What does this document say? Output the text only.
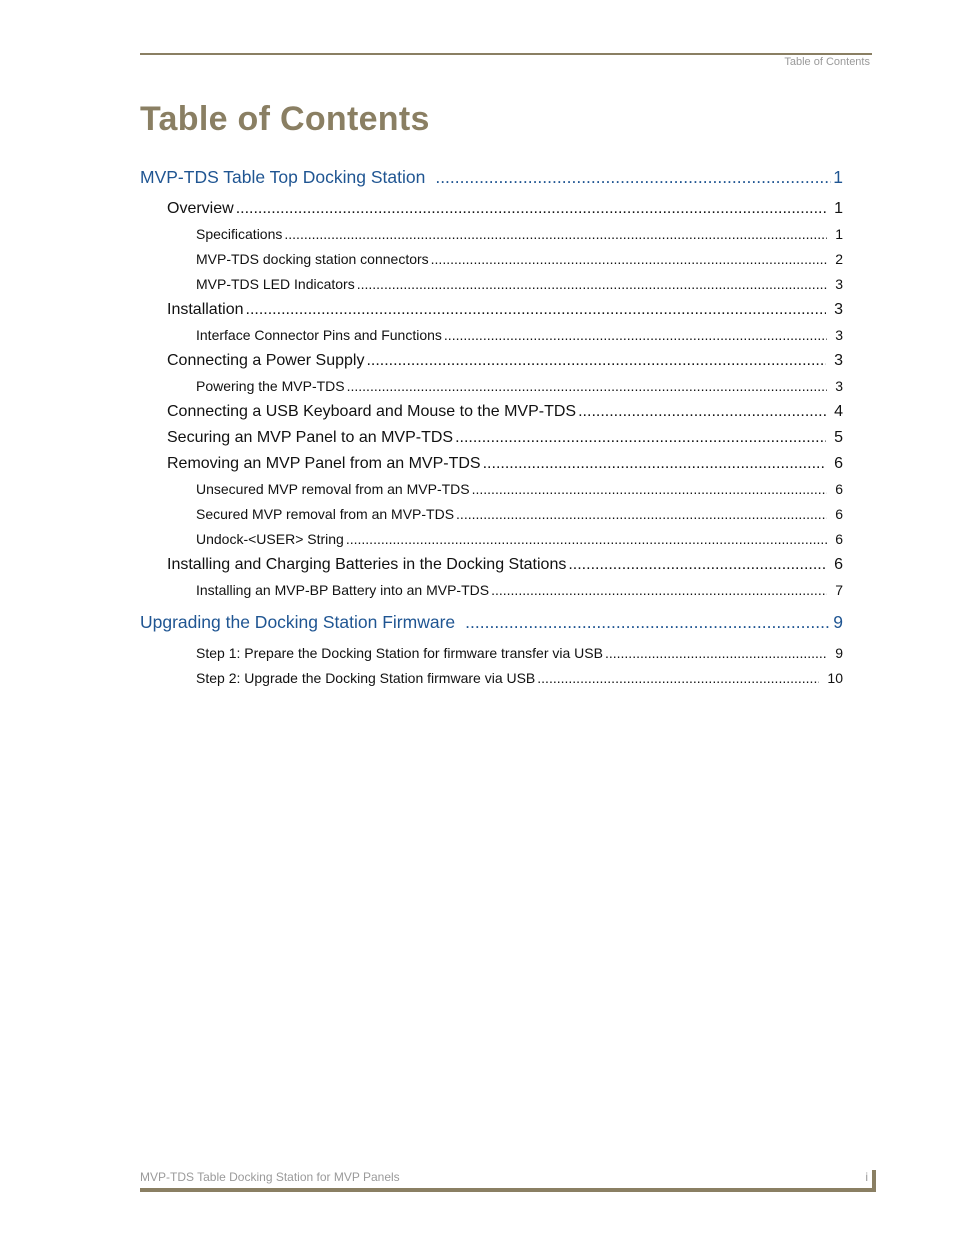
Table of Contents
Table of Contents
MVP-TDS Table Top Docking Station .....	1
Overview .....	1
Specifications .....	1
MVP-TDS docking station connectors .....	2
MVP-TDS LED Indicators .....	3
Installation .....	3
Interface Connector Pins and Functions .....	3
Connecting a Power Supply .....	3
Powering the MVP-TDS .....	3
Connecting a USB Keyboard and Mouse to the MVP-TDS .....	4
Securing an MVP Panel to an MVP-TDS .....	5
Removing an MVP Panel from an MVP-TDS .....	6
Unsecured MVP removal from an MVP-TDS .....	6
Secured MVP removal from an MVP-TDS .....	6
Undock-<USER> String .....	6
Installing and Charging Batteries in the Docking Stations .....	6
Installing an MVP-BP Battery into an MVP-TDS .....	7
Upgrading the Docking Station Firmware .....	9
Step 1: Prepare the Docking Station for firmware transfer via USB .....	9
Step 2: Upgrade the Docking Station firmware via USB .....	10
MVP-TDS Table Docking Station for MVP Panels	i
